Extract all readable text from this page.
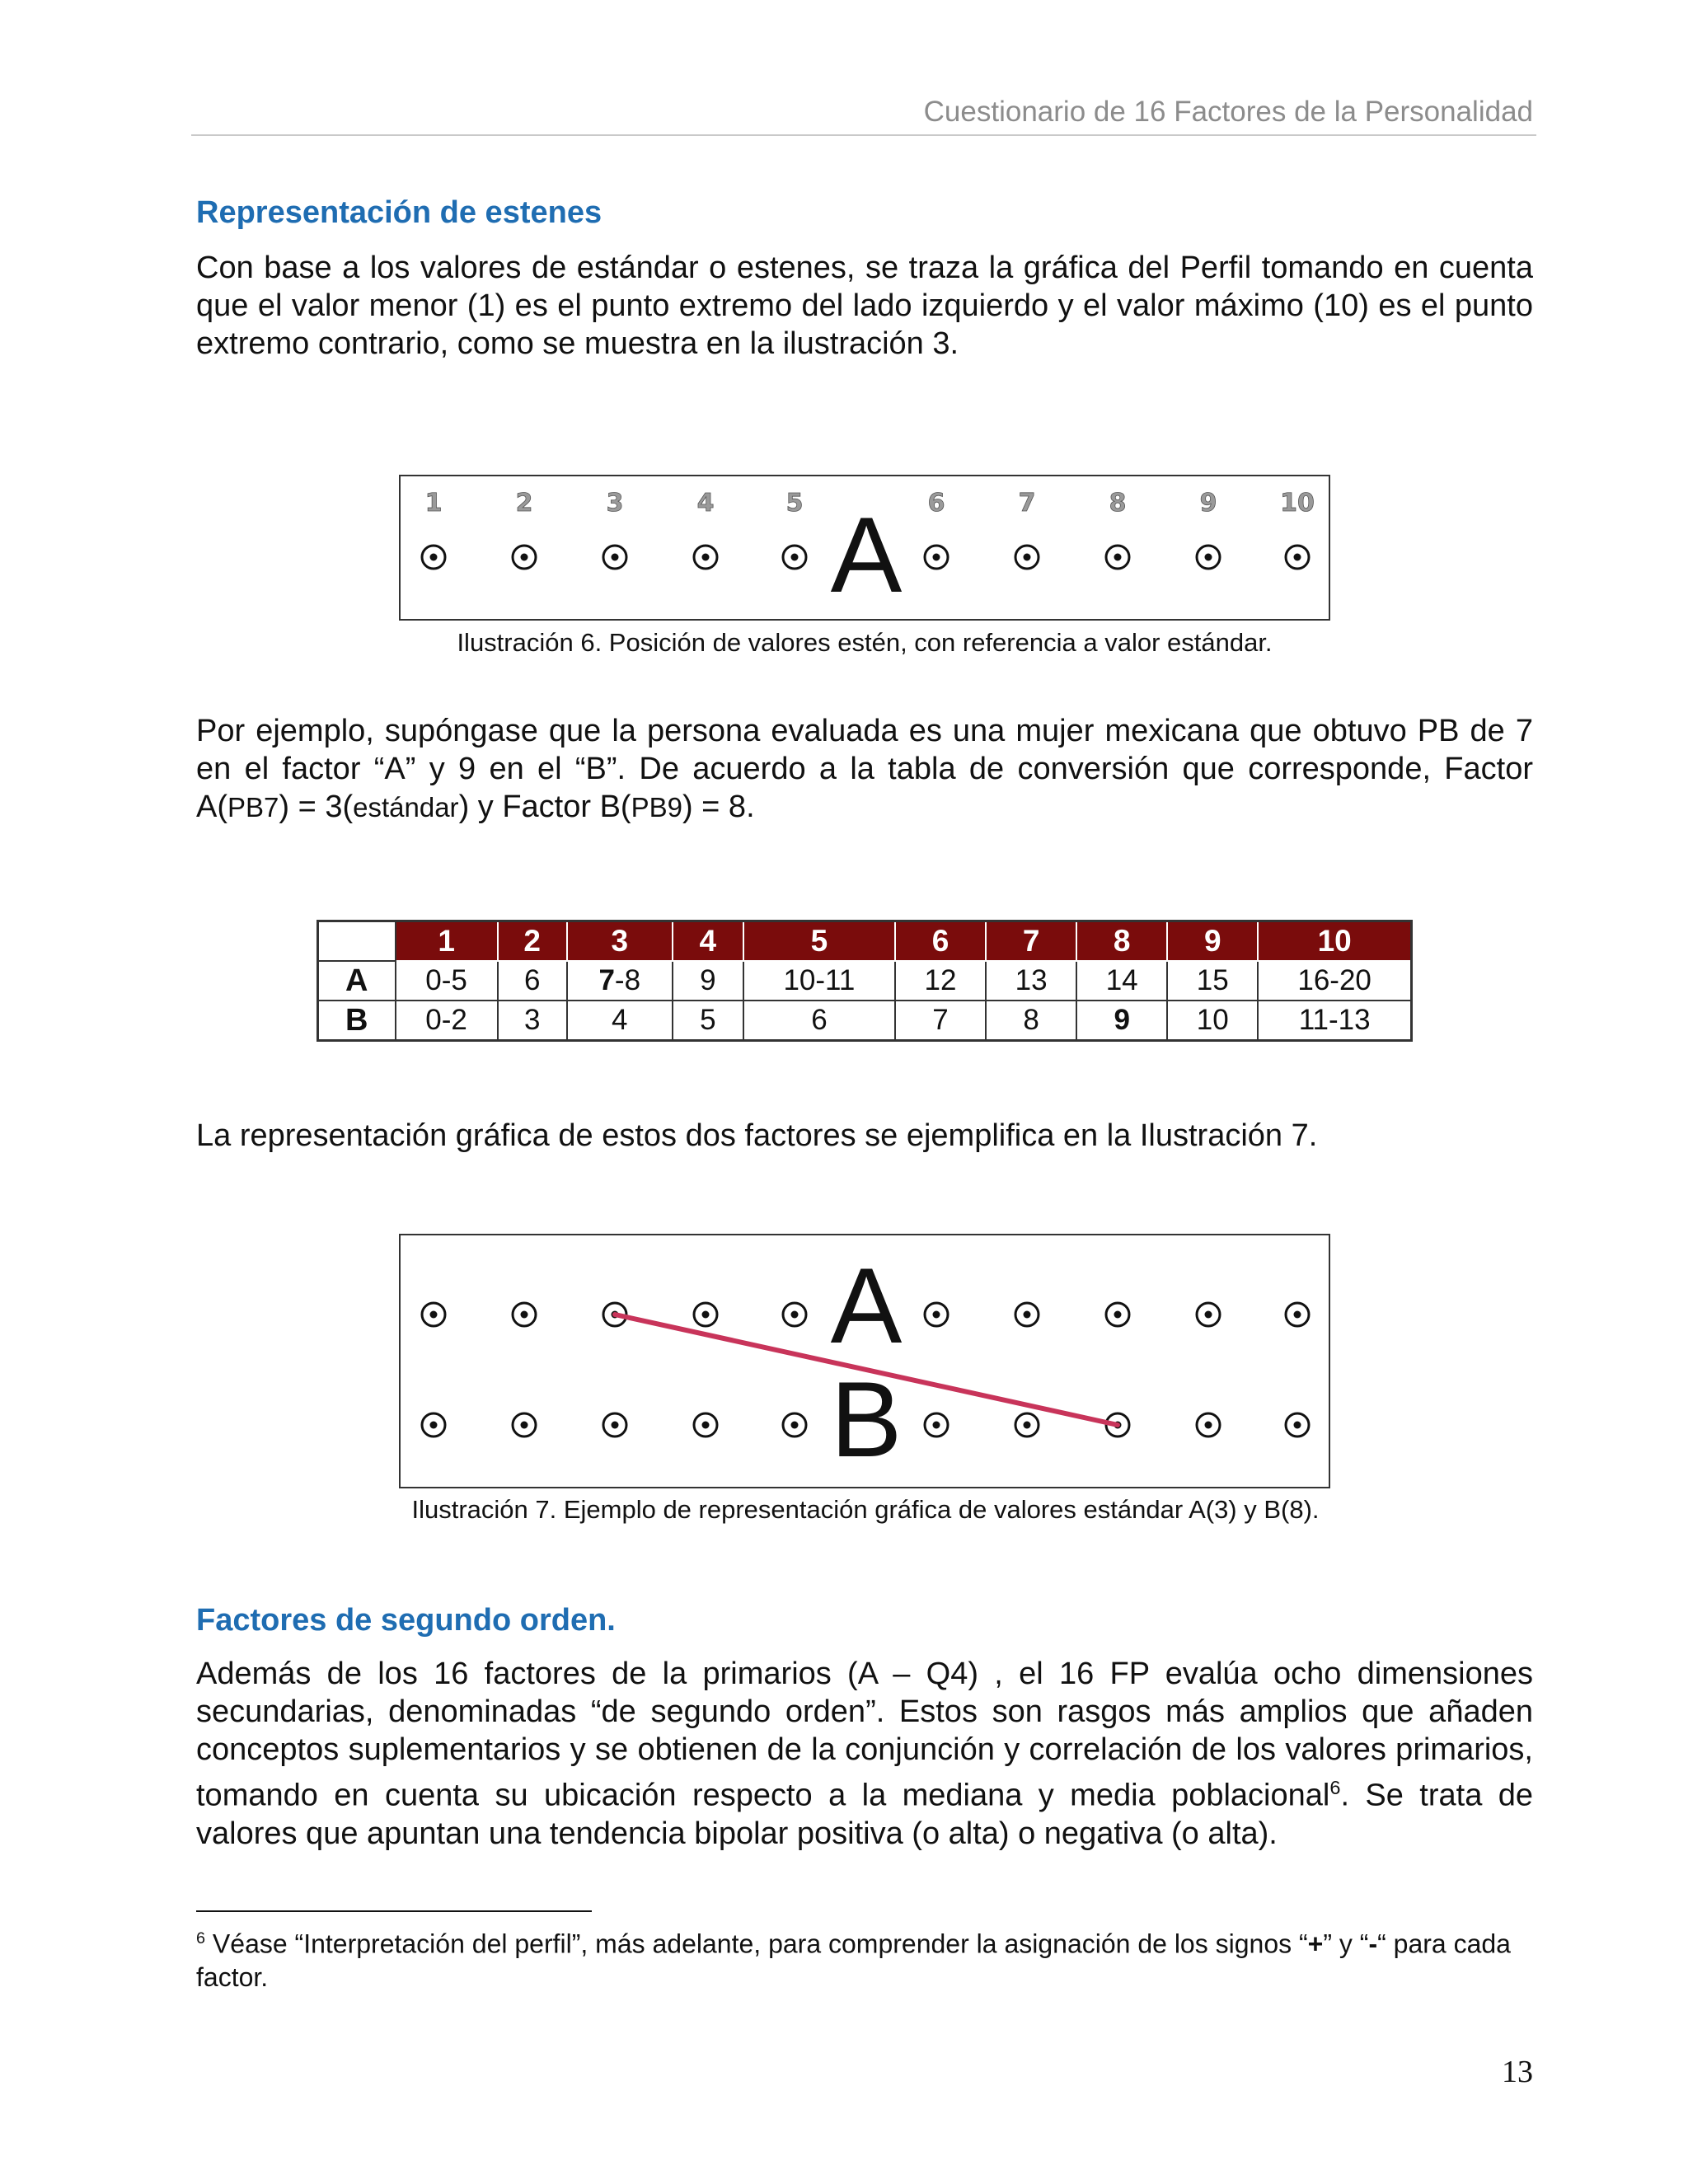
Cuestionario de 16 Factores de la Personalidad
Representación de estenes
Con base a los valores de estándar o estenes, se traza la gráfica del Perfil tomando en cuenta que el valor menor (1) es el punto extremo del lado izquierdo y el valor máximo (10) es el punto extremo contrario, como se muestra en la ilustración 3.
1	2	3	4	5	6	7	8	9	10
A
Ilustración 6. Posición de valores estén, con referencia a valor estándar.
Por ejemplo, supóngase que la persona evaluada es una mujer mexicana que obtuvo PB de 7 en el factor “A” y 9 en el “B”. De acuerdo a la tabla de conversión que corresponde, Factor A(PB7) = 3(estándar) y Factor B(PB9) = 8.
	1	2	3	4	5	6	7	8	9	10
A	0-5	6	7-8	9	10-11	12	13	14	15	16-20
B	0-2	3	4	5	6	7	8	9	10	11-13
La representación gráfica de estos dos factores se ejemplifica en la Ilustración 7.
A
B
Ilustración 7. Ejemplo de representación gráfica de valores estándar A(3) y B(8).
Factores de segundo orden.
Además de los 16 factores de la primarios (A – Q4) , el 16 FP evalúa ocho dimensiones secundarias, denominadas “de segundo orden”. Estos son rasgos más amplios que añaden conceptos suplementarios y se obtienen de la conjunción y correlación de los valores primarios, tomando en cuenta su ubicación respecto a la mediana y media poblacional$^6$. Se trata de valores que apuntan una tendencia bipolar positiva (o alta) o negativa (o alta).
$^6$ Véase “Interpretación del perfil”, más adelante, para comprender la asignación de los signos “+” y “-“ para cada factor.
13
